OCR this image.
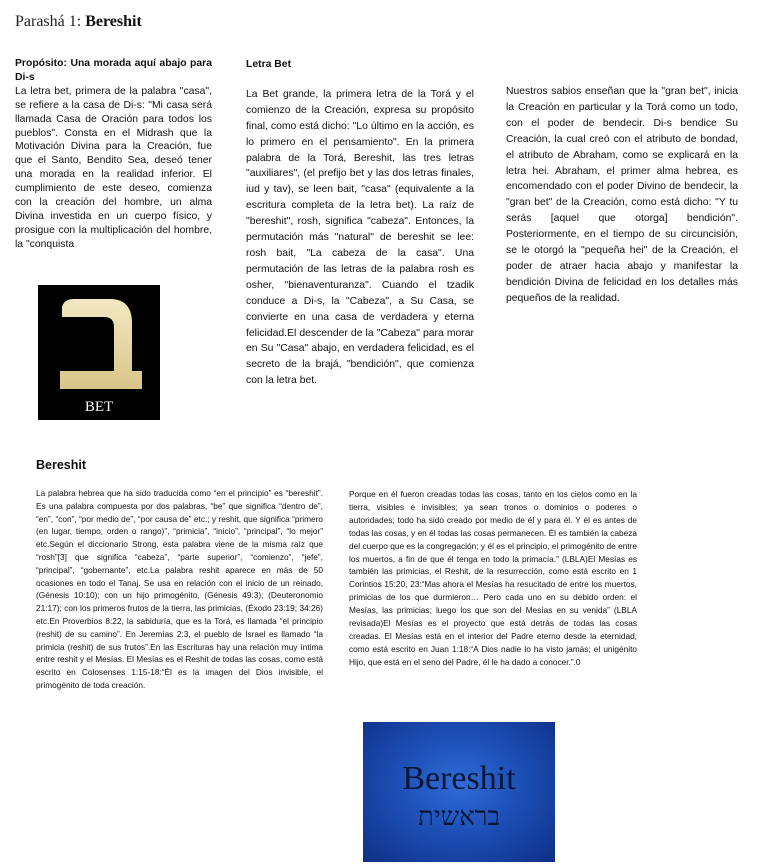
Parashá 1: Bereshit

Propósito: Una morada aquí abajo para Di-s

La letra bet, primera de la palabra "casa", se refiere a la casa de Di-s: "Mi casa será llamada Casa de Oración para todos los pueblos". Consta en el Midrash que la Motivación Divina para la Creación, fue que el Santo, Bendito Sea, deseó tener una morada en la realidad inferior. El cumplimiento de este deseo, comienza con la creación del hombre, un alma Divina investida en un cuerpo físico, y prosigue con la multiplicación del hombre, la "conquista

BET

Letra Bet

La Bet grande, la primera letra de la Torá y el comienzo de la Creación, expresa su propósito final, como está dicho: "Lo último en la acción, es lo primero en el pensamiento". En la primera palabra de la Torá, Bereshit, las tres letras "auxiliares", (el prefijo bet y las dos letras finales, iud y tav), se leen bait, "casa" (equivalente a la escritura completa de la letra bet). La raíz de "bereshit", rosh, significa "cabeza". Entonces, la permutación más "natural" de bereshit se lee: rosh bait, "La cabeza de la casa". Una permutación de las letras de la palabra rosh es osher, "bienaventuranza". Cuando el tzadik conduce a Di-s, la "Cabeza", a Su Casa, se convierte en una casa de verdadera y eterna felicidad.El descender de la "Cabeza" para morar en Su "Casa" abajo, en verdadera felicidad, es el secreto de la brajá, "bendición", que comienza con la letra bet.

Nuestros sabios enseñan que la "gran bet", inicia la Creación en particular y la Torá como un todo, con el poder de bendecir. Di-s bendice Su Creación, la cual creó con el atributo de bondad, el atributo de Abraham, como se explicará en la letra hei. Abraham, el primer alma hebrea, es encomendado con el poder Divino de bendecir, la "gran bet" de la Creación, como está dicho: "Y tu serás [aquel que otorga] bendición". Posteriormente, en el tiempo de su circuncisión, se le otorgó la "pequeña hei" de la Creación, el poder de atraer hacia abajo y manifestar la bendición Divina de felicidad en los detalles más pequeños de la realidad.

Bereshit

La palabra hebrea que ha sido traducida como “en el principio” es “bereshit”. Es una palabra compuesta por dos palabras, “be” que significa “dentro de”, “en”, “con”, “por medio de”, “por causa de” etc.; y reshit, que significa “primero (en lugar, tiempo, orden o rango)”, “primicia”, “inicio”, “principal”, “lo mejor” etc.Según el diccionario Strong, esta palabra viene de la misma raíz que “rosh”[3] que significa “cabeza”, “parte superior”, “comienzo”, “jefe”, “principal”, “gobernante”, etc.La palabra reshit aparece en más de 50 ocasiones en todo el Tanaj. Se usa en relación con el inicio de un reinado, (Génesis 10:10); con un hijo primogénito, (Génesis 49:3); (Deuteronomio 21:17); con los primeros frutos de la tierra, las primicias, (Éxodo 23:19; 34:26) etc.En Proverbios 8:22, la sabiduría, que es la Torá, es llamada “el principio (reshit) de su camino”. En Jeremías 2:3, el pueblo de Israel es llamado “la primicia (reshit) de sus frutos”.En las Escrituras hay una relación muy íntima entre reshit y el Mesías. El Mesías es el Reshit de todas las cosas, como está escrito en Colosenses 1:15-18:“Él es la imagen del Dios invisible, el primogénito de toda creación.

Porque en él fueron creadas todas las cosas, tanto en los cielos como en la tierra, visibles e invisibles; ya sean tronos o dominios o poderes o autoridades; todo ha sido creado por medio de él y para él. Y él es antes de todas las cosas, y en él todas las cosas permanecen. Él es también la cabeza del cuerpo que es la congregación; y él es el principio, el primogénito de entre los muertos, a fin de que él tenga en todo la primacía.” (LBLA)El Mesías es también las primicias, el Reshit, de la resurrección, como está escrito en 1 Corintios 15:20, 23:“Mas ahora el Mesías ha resucitado de entre los muertos, primicias de los que durmieron… Pero cada uno en su debido orden: el Mesías, las primicias; luego los que son del Mesías en su venida” (LBLA revisada)El Mesías es el proyecto que está detrás de todas las cosas creadas. El Mesías está en el interior del Padre eterno desde la eternidad, como está escrito en Juan 1:18:“A Dios nadie lo ha visto jamás; el unigénito Hijo, que está en el seno del Padre, él le ha dado a conocer.”.0

Bereshit
בראשית
